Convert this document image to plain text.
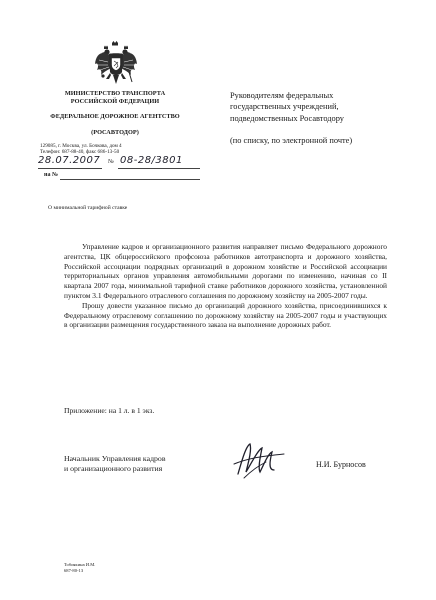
МИНИСТЕРСТВО ТРАНСПОРТА
РОССИЙСКОЙ ФЕДЕРАЦИИ
ФЕДЕРАЛЬНОЕ ДОРОЖНОЕ АГЕНТСТВО
(РОСАВТОДОР)
129085, г. Москва, ул. Бочкова, дом 4
Телефон: 687-88-40, факс 686-13-50
28.07.2007 № 08-28/3801
на №
Руководителям федеральных
государственных учреждений,
подведомственных Росавтодору
(по списку, по электронной почте)
О минимальной тарифной ставке

Управление кадров и организационного развития направляет письмо Федерального дорожного агентства, ЦК общероссийского профсоюза работников автотранспорта и дорожного хозяйства, Российской ассоциации подрядных организаций в дорожном хозяйстве и Российской ассоциации территориальных органов управления автомобильными дорогами по изменению, начиная со II квартала 2007 года, минимальной тарифной ставке работников дорожного хозяйства, установленной пунктом 3.1 Федерального отраслевого соглашения по дорожному хозяйству на 2005-2007 годы.

Прошу довести указанное письмо до организаций дорожного хозяйства, присоединившихся к Федеральному отраслевому соглашению по дорожному хозяйству на 2005-2007 годы и участвующих в организации размещения государственного заказа на выполнение дорожных работ.

Приложение: на 1 л. в 1 экз.
Начальник Управления кадров
и организационного развития	Н.И. Бурносов
Тобоякина И.М.
687-80-13
